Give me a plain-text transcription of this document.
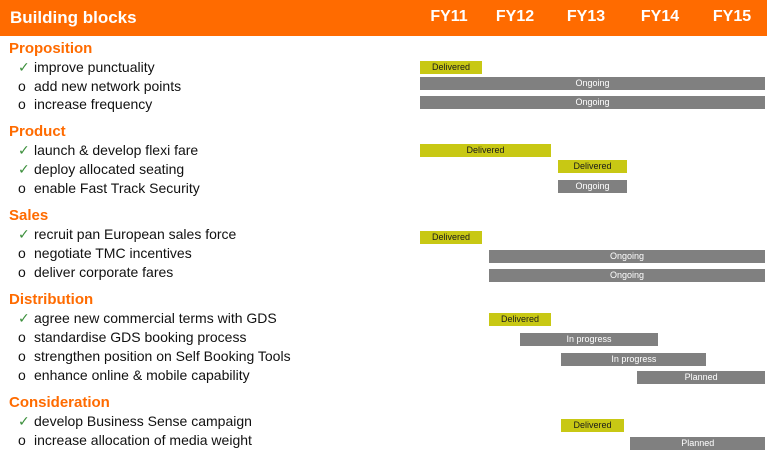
Building blocks	FY11 FY12 FY13 FY14 FY15
Proposition
✓ improve punctuality	Delivered
o add new network points	Ongoing
o increase frequency	Ongoing
Product
✓ launch & develop flexi fare	Delivered
✓ deploy allocated seating	Delivered
o enable Fast Track Security	Ongoing
Sales
✓ recruit pan European sales force	Delivered
o negotiate TMC incentives	Ongoing
o deliver corporate fares	Ongoing
Distribution
✓ agree new commercial terms with GDS	Delivered
o standardise GDS booking process	In progress
o strengthen position on Self Booking Tools	In progress
o enhance online & mobile capability	Planned
Consideration
✓ develop Business Sense campaign	Delivered
o increase allocation of media weight	Planned
